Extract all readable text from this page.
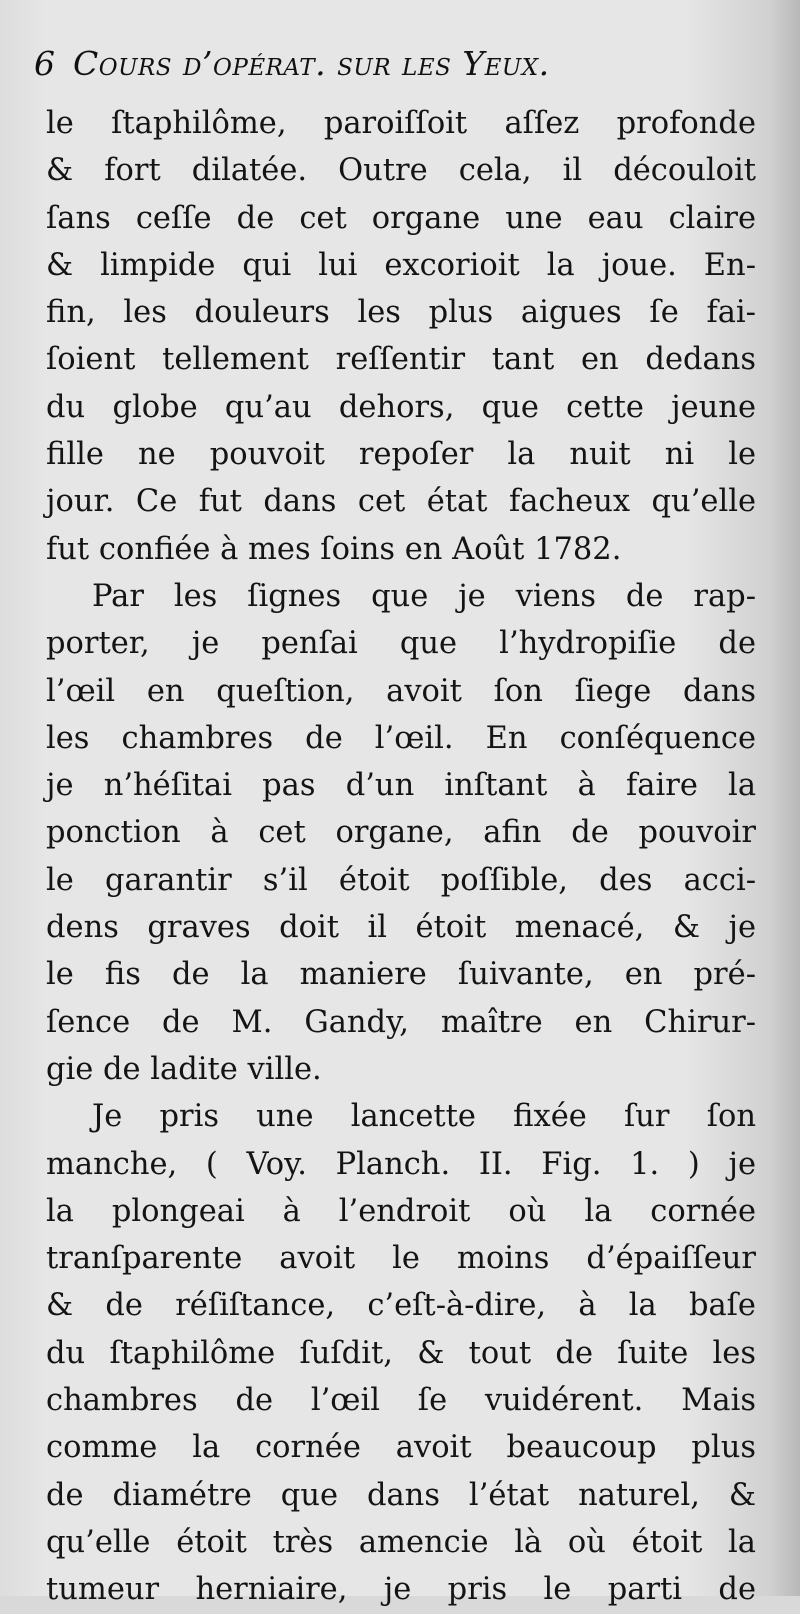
6 Cours d’opérat. sur les Yeux.
le ſtaphilôme, paroiſſoit aſſez profonde
& fort dilatée. Outre cela, il découloit
ſans ceſſe de cet organe une eau claire
& limpide qui lui excorioit la joue. En-
fin, les douleurs les plus aigues ſe fai-
ſoient tellement reſſentir tant en dedans
du globe qu’au dehors, que cette jeune
fille ne pouvoit repoſer la nuit ni le
jour. Ce fut dans cet état facheux qu’elle
fut confiée à mes ſoins en Août 1782.
Par les ſignes que je viens de rap-
porter, je penſai que l’hydropiſie de
l’œil en queſtion, avoit ſon ſiege dans
les chambres de l’œil. En conſéquence
je n’héſitai pas d’un inſtant à faire la
ponction à cet organe, afin de pouvoir
le garantir s’il étoit poſſible, des acci-
dens graves doit il étoit menacé, & je
le fis de la maniere ſuivante, en pré-
ſence de M. Gandy, maître en Chirur-
gie de ladite ville.
Je pris une lancette fixée ſur ſon
manche, ( Voy. Planch. II. Fig. 1. ) je
la plongeai à l’endroit où la cornée
tranſparente avoit le moins d’épaiſſeur
& de réſiſtance, c’eſt-à-dire, à la baſe
du ſtaphilôme ſuſdit, & tout de ſuite les
chambres de l’œil ſe vuidérent. Mais
comme la cornée avoit beaucoup plus
de diamétre que dans l’état naturel, &
qu’elle étoit très amencie là où étoit la
tumeur herniaire, je pris le parti de
